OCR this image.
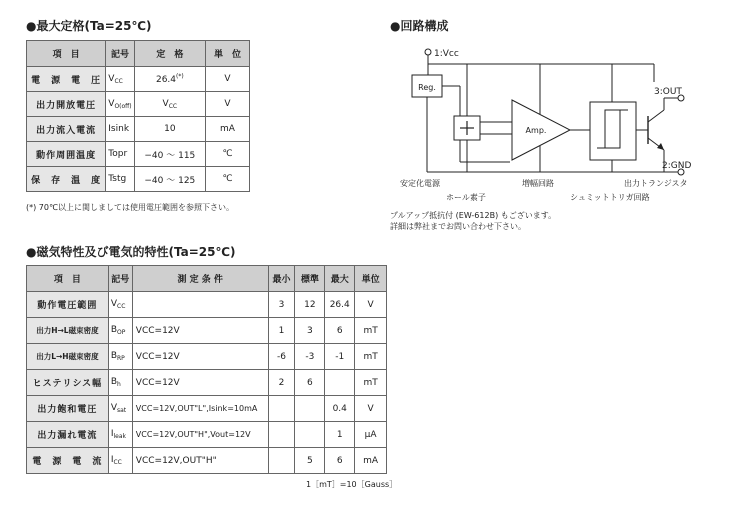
●最大定格(Ta=25℃)
項　目	記号	定　格	単　位
電　源　電　圧	$V_{CC}$	26.4(*)	V
出力開放電圧	$V_{O(off)}$	$V_{CC}$	V
出力流入電流	Isink	10	mA
動作周囲温度	Topr	−40 〜 115	℃
保　存　温　度	Tstg	−40 〜 125	℃
(*) 70℃以上に関しましては使用電圧範囲を参照下さい。
●回路構成
1:Vcc
Reg.
Amp.
3:OUT
2:GND
安定化電源
ホール素子
増幅回路
シュミットトリガ回路
出力トランジスタ
プルアップ抵抗付 (EW-612B) もございます。
詳細は弊社までお問い合わせ下さい。
●磁気特性及び電気的特性(Ta=25℃)
項　目	記号	測 定 条 件	最小	標準	最大	単位
動作電圧範囲	$V_{CC}$		3	12	26.4	V
出力H→L磁束密度	$B_{OP}$	VCC=12V	1	3	6	mT
出力L→H磁束密度	$B_{RP}$	VCC=12V	-6	-3	-1	mT
ヒステリシス幅	$B_h$	VCC=12V	2	6		mT
出力飽和電圧	$V_{sat}$	VCC=12V,OUT"L",Isink=10mA			0.4	V
出力漏れ電流	$I_{leak}$	VCC=12V,OUT"H",Vout=12V			1	μA
電　源　電　流	$I_{CC}$	VCC=12V,OUT"H"		5	6	mA
1［mT］=10［Gauss］
